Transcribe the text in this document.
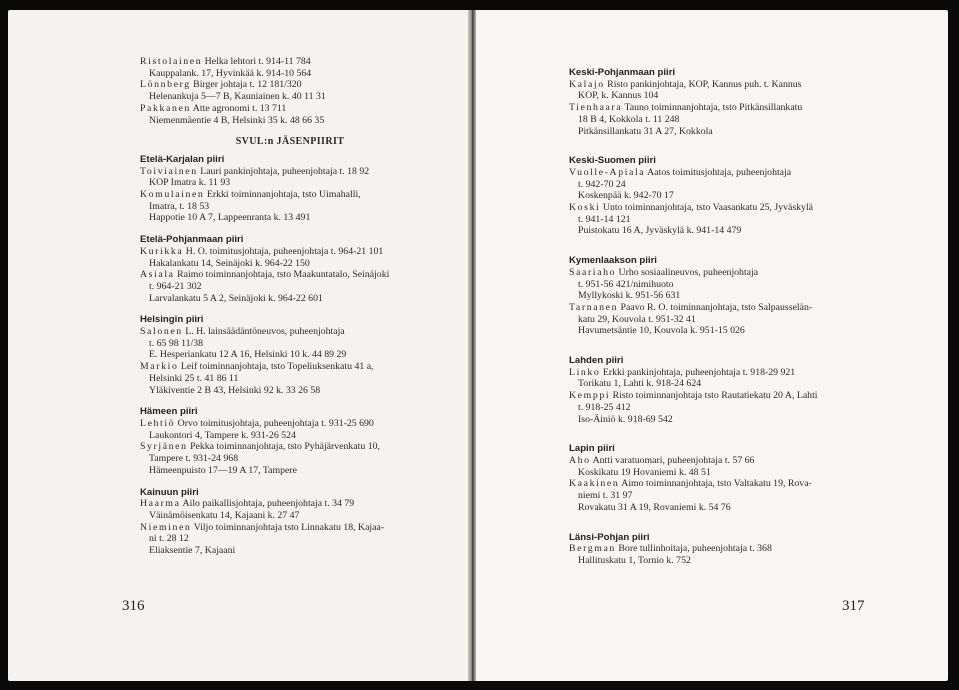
Ristolainen Helka lehtori t. 914-11 784
Kauppalank. 17, Hyvinkää k. 914-10 564
Lönnberg Birger johtaja t. 12 181/320
Helenankuja 5—7 B, Kauniainen k. 40 11 31
Pakkanen Atte agronomi t. 13 711
Niemenmäentie 4 B, Helsinki 35 k. 48 66 35
SVUL:n JÄSENPIIRIT
Etelä-Karjalan piiri
Toiviainen Lauri pankinjohtaja, puheenjohtaja t. 18 92
KOP Imatra k. 11 93
Komulainen Erkki toiminnanjohtaja, tsto Uimahalli,
Imatra, t. 18 53
Happotie 10 A 7, Lappeenranta k. 13 491
Etelä-Pohjanmaan piiri
Kurikka H. O. toimitusjohtaja, puheenjohtaja t. 964-21 101
Hakalankatu 14, Seinäjoki k. 964-22 150
Asiala Raimo toiminnanjohtaja, tsto Maakuntatalo, Seinäjoki
t. 964-21 302
Larvalankatu 5 A 2, Seinäjoki k. 964-22 601
Helsingin piiri
Salonen L. H. lainsäädäntöneuvos, puheenjohtaja
t. 65 98 11/38
E. Hesperiankatu 12 A 16, Helsinki 10 k. 44 89 29
Markio Leif toiminnanjohtaja, tsto Topeliuksenkatu 41 a,
Helsinki 25 t. 41 86 11
Yläkiventie 2 B 43, Helsinki 92 k. 33 26 58
Hämeen piiri
Lehtiö Orvo toimitusjohtaja, puheenjohtaja t. 931-25 690
Laukontori 4, Tampere k. 931-26 524
Syrjänen Pekka toiminnanjohtaja, tsto Pyhäjärvenkatu 10,
Tampere t. 931-24 968
Hämeenpuisto 17—19 A 17, Tampere
Kainuun piiri
Haarma Ailo paikallisjohtaja, puheenjohtaja t. 34 79
Väinämöisenkatu 14, Kajaani k. 27 47
Nieminen Viljo toiminnanjohtaja tsto Linnakatu 18, Kajaa-
ni t. 28 12
Eliaksentie 7, Kajaani
Keski-Pohjanmaan piiri
Kalajo Risto pankinjohtaja, KOP, Kannus puh. t. Kannus
KOP, k. Kannus 104
Tienhaara Tauno toiminnanjohtaja, tsto Pitkänsillankatu
18 B 4, Kokkola t. 11 248
Pitkänsillankatu 31 A 27, Kokkola
Keski-Suomen piiri
Vuolle-Apiala Aatos toimitusjohtaja, puheenjohtaja
t. 942-70 24
Koskenpää k. 942-70 17
Koski Unto toiminnanjohtaja, tsto Vaasankatu 25, Jyväskylä
t. 941-14 121
Puistokatu 16 A, Jyväskylä k. 941-14 479
Kymenlaakson piiri
Saariaho Urho sosiaalineuvos, puheenjohtaja
t. 951-56 421/nimihuoto
Myllykoski k. 951-56 631
Tarnanen Paavo R. O. toiminnanjohtaja, tsto Salpausselän-
katu 29, Kouvola t. 951-32 41
Havumetsäntie 10, Kouvola k. 951-15 026
Lahden piiri
Linko Erkki pankinjohtaja, puheenjohtaja t. 918-29 921
Torikatu 1, Lahti k. 918-24 624
Kemppi Risto toiminnanjohtaja tsto Rautatiekatu 20 A, Lahti
t. 918-25 412
Iso-Äiniö k. 918-69 542
Lapin piiri
Aho Antti varatuomari, puheenjohtaja t. 57 66
Koskikatu 19 Hovaniemi k. 48 51
Kaakinen Aimo toiminnanjohtaja, tsto Valtakatu 19, Rova-
niemi t. 31 97
Rovakatu 31 A 19, Rovaniemi k. 54 76
Länsi-Pohjan piiri
Bergman Bore tullinhoitaja, puheenjohtaja t. 368
Hallituskatu 1, Tornio k. 752
316	317
